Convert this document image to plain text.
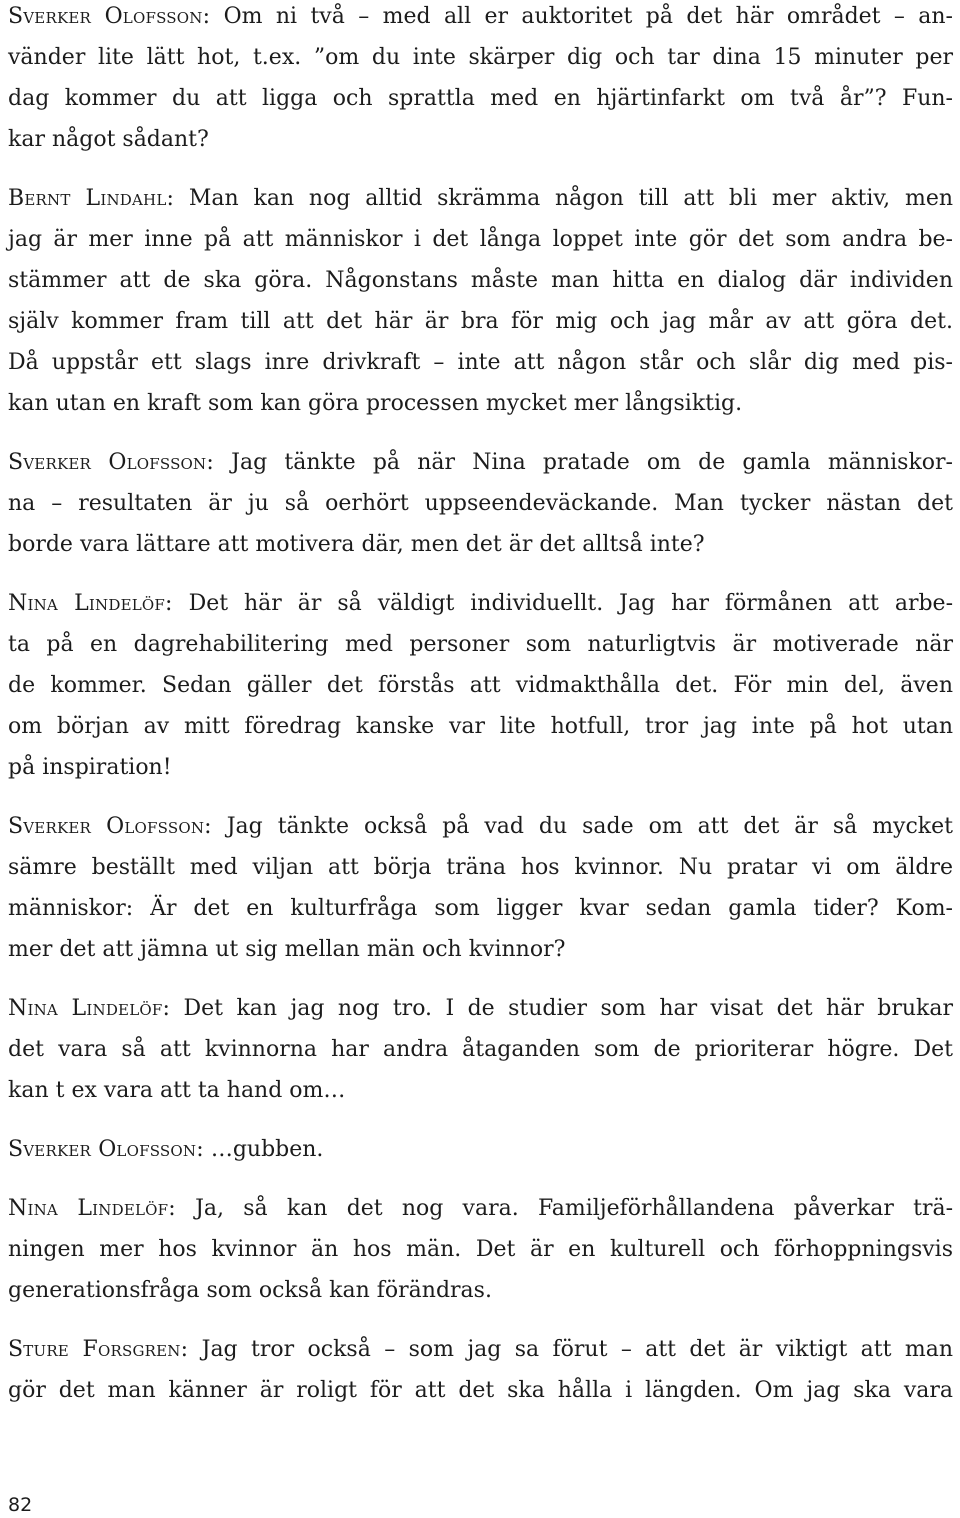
Sverker Olofsson: Om ni två – med all er auktoritet på det här området – an-
vänder lite lätt hot, t.ex. ”om du inte skärper dig och tar dina 15 minuter per
dag kommer du att ligga och sprattla med en hjärtinfarkt om två år”? Fun-
kar något sådant?
Bernt Lindahl: Man kan nog alltid skrämma någon till att bli mer aktiv, men
jag är mer inne på att människor i det långa loppet inte gör det som andra be-
stämmer att de ska göra. Någonstans måste man hitta en dialog där individen
själv kommer fram till att det här är bra för mig och jag mår av att göra det.
Då uppstår ett slags inre drivkraft – inte att någon står och slår dig med pis-
kan utan en kraft som kan göra processen mycket mer långsiktig.
Sverker Olofsson: Jag tänkte på när Nina pratade om de gamla människor-
na – resultaten är ju så oerhört uppseendeväckande. Man tycker nästan det
borde vara lättare att motivera där, men det är det alltså inte?
Nina Lindelöf: Det här är så väldigt individuellt. Jag har förmånen att arbe-
ta på en dagrehabilitering med personer som naturligtvis är motiverade när
de kommer. Sedan gäller det förstås att vidmakthålla det. För min del, även
om början av mitt föredrag kanske var lite hotfull, tror jag inte på hot utan
på inspiration!
Sverker Olofsson: Jag tänkte också på vad du sade om att det är så mycket
sämre beställt med viljan att börja träna hos kvinnor. Nu pratar vi om äldre
människor: Är det en kulturfråga som ligger kvar sedan gamla tider? Kom-
mer det att jämna ut sig mellan män och kvinnor?
Nina Lindelöf: Det kan jag nog tro. I de studier som har visat det här brukar
det vara så att kvinnorna har andra åtaganden som de prioriterar högre. Det
kan t ex vara att ta hand om…
Sverker Olofsson: …gubben.
Nina Lindelöf: Ja, så kan det nog vara. Familjeförhållandena påverkar trä-
ningen mer hos kvinnor än hos män. Det är en kulturell och förhoppningsvis
generationsfråga som också kan förändras.
Sture Forsgren: Jag tror också – som jag sa förut – att det är viktigt att man
gör det man känner är roligt för att det ska hålla i längden. Om jag ska vara
82
